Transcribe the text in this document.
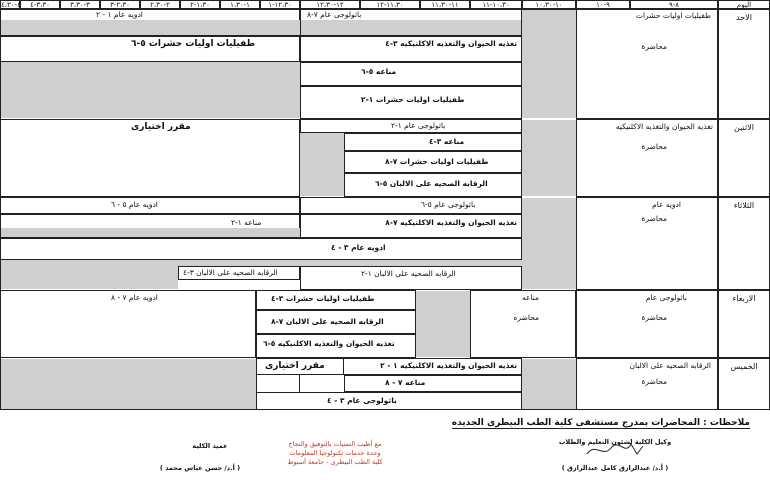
اليوم
٨-٩
٩-١٠
١٠-١٠،٣٠
١٠،٣٠-١١
١١-١١،٣٠
١١،٣٠-١٢
١٢-١٢،٣٠
١٢،٣٠-١
١-١،٣٠
١،٣٠-٢
٢-٢،٣٠
٢،٣٠-٣
٣-٣،٣٠
٣،٣٠-٤
٤-٤،٣٠
الاحد
طفيليات اوليات حشرات
محاضرة
باثولوجى عام ٧-٨
ادويه عام ١ - ٢
تغذيه الحيوان والتغذيه الاكلنيكيه ٣-٤
طفيليات اوليات حشرات ٥-٦
مناعه ٥-٦
طفيليات اوليات حشرات ١-٢
الاثنين
تغذيه الحيوان والتغذيه الاكلنيكيه
محاضرة
باثولوجى عام ١-٢
مقرر اختيارى
مناعه ٣-٤
طفيليات اوليات حشرات ٧-٨
الرقابه الصحيه على الالبان ٥-٦
الثلاثاء
ادويه عام
محاضرة
باثولوجى عام ٥-٦
ادويه عام ٥ - ٦
تغذيه الحيوان والتغذيه الاكلنيكيه ٧-٨
مناعه ١-٢
ادويه عام ٣ - ٤
الرقابه الصحيه على الالبان ١-٢
الرقابه الصحيه على الالبان ٣-٤
الاربعاء
باثولوجى عام
محاضرة
مناعه
محاضره
طفيليات اوليات حشرات ٣-٤
ادويه عام ٧ - ٨
الرقابه الصحيه على الالبان ٧-٨
تغذيه الحيوان والتغذيه الاكلنيكيه ٥-٦
الخميس
الرقابه الصحيه على الالبان
محاضرة
تغذيه الحيوان والتغذيه الاكلنيكيه ١ - ٢
مقرر اختيارى
مناعه ٧ - ٨
باثولوجى عام ٣ - ٤
ملاحظات : المحاضرات بمدرج مستشفى كلية الطب البيطرى الجديده
وكيل الكلية لشئون التعليم والطلاب
( أ.د/ عبدالرازق كامل عبدالرازق )
مع أطيب التمنيات بالتوفيق والنجاح
وحدة خدمات تكنولوجيا المعلومات
كلية الطب البيطرى - جامعة أسيوط
عميد الكليه
( أ.د/ حسن عباس محمد )
